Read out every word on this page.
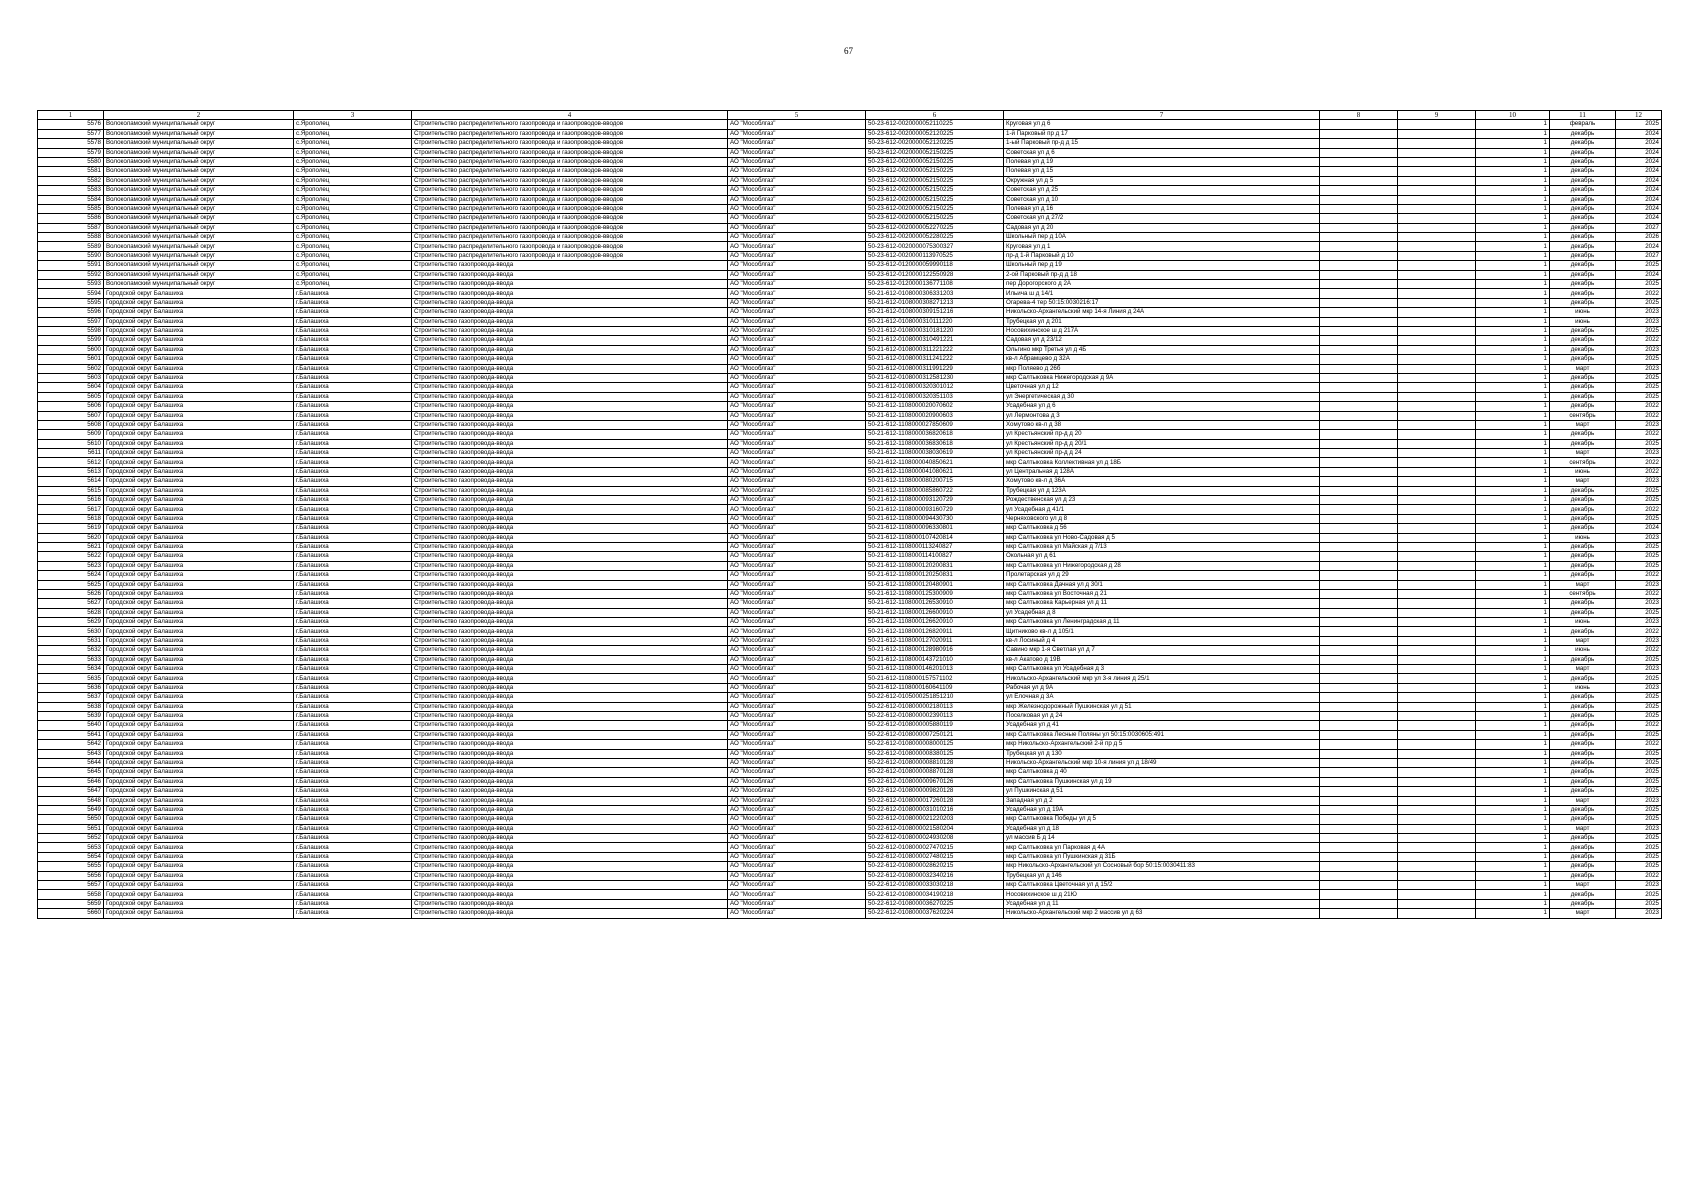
67
1	2	3	4	5	6	7	8	9	10	11	12
5576	Волоколамский муниципальный округ	с.Ярополец	Строительство распределительного газопровода и газопроводов-вводов	АО "Мособлгаз"	50-23-612-0020000052110225	Круговая ул д 6			1	февраль	2025
5577	Волоколамский муниципальный округ	с.Ярополец	Строительство распределительного газопровода и газопроводов-вводов	АО "Мособлгаз"	50-23-612-0020000052120225	1-й Парковый пр д 17			1	декабрь	2024
5578	Волоколамский муниципальный округ	с.Ярополец	Строительство распределительного газопровода и газопроводов-вводов	АО "Мособлгаз"	50-23-612-0020000052120225	1-ый Парковый пр-д д 15			1	декабрь	2024
5579	Волоколамский муниципальный округ	с.Ярополец	Строительство распределительного газопровода и газопроводов-вводов	АО "Мособлгаз"	50-23-612-0020000052150225	Советская ул д 6			1	декабрь	2024
5580	Волоколамский муниципальный округ	с.Ярополец	Строительство распределительного газопровода и газопроводов-вводов	АО "Мособлгаз"	50-23-612-0020000052150225	Полевая ул д 19			1	декабрь	2024
5581	Волоколамский муниципальный округ	с.Ярополец	Строительство распределительного газопровода и газопроводов-вводов	АО "Мособлгаз"	50-23-612-0020000052150225	Полевая ул д 15			1	декабрь	2024
5582	Волоколамский муниципальный округ	с.Ярополец	Строительство распределительного газопровода и газопроводов-вводов	АО "Мособлгаз"	50-23-612-0020000052150225	Окружная ул д 5			1	декабрь	2024
5583	Волоколамский муниципальный округ	с.Ярополец	Строительство распределительного газопровода и газопроводов-вводов	АО "Мособлгаз"	50-23-612-0020000052150225	Советская ул д 25			1	декабрь	2024
5584	Волоколамский муниципальный округ	с.Ярополец	Строительство распределительного газопровода и газопроводов-вводов	АО "Мособлгаз"	50-23-612-0020000052150225	Советская ул д 10			1	декабрь	2024
5585	Волоколамский муниципальный округ	с.Ярополец	Строительство распределительного газопровода и газопроводов-вводов	АО "Мособлгаз"	50-23-612-0020000052150225	Полевая ул д 16			1	декабрь	2024
5586	Волоколамский муниципальный округ	с.Ярополец	Строительство распределительного газопровода и газопроводов-вводов	АО "Мособлгаз"	50-23-612-0020000052150225	Советская ул д 27/2			1	декабрь	2024
5587	Волоколамский муниципальный округ	с.Ярополец	Строительство распределительного газопровода и газопроводов-вводов	АО "Мособлгаз"	50-23-612-0020000052270225	Садовая ул д 20			1	декабрь	2027
5588	Волоколамский муниципальный округ	с.Ярополец	Строительство распределительного газопровода и газопроводов-вводов	АО "Мособлгаз"	50-23-612-0020000052280225	Школьный пер д 10А			1	декабрь	2026
5589	Волоколамский муниципальный округ	с.Ярополец	Строительство распределительного газопровода и газопроводов-вводов	АО "Мособлгаз"	50-23-612-0020000075300327	Круговая ул д 1			1	декабрь	2024
5590	Волоколамский муниципальный округ	с.Ярополец	Строительство распределительного газопровода и газопроводов-вводов	АО "Мособлгаз"	50-23-612-0020000113970525	пр-д 1-й Парковый д 10			1	декабрь	2027
5591	Волоколамский муниципальный округ	с.Ярополец	Строительство газопровода-ввода	АО "Мособлгаз"	50-23-612-0120000059990118	Школьный пер д 19			1	декабрь	2025
5592	Волоколамский муниципальный округ	с.Ярополец	Строительство газопровода-ввода	АО "Мособлгаз"	50-23-612-0120000122550928	2-ой Парковый пр-д д 18			1	декабрь	2024
5593	Волоколамский муниципальный округ	с.Ярополец	Строительство газопровода-ввода	АО "Мособлгаз"	50-23-612-0120000136771108	пер Дорогорского д 2А			1	декабрь	2025
5594	Городской округ Балашиха	г.Балашиха	Строительство газопровода-ввода	АО "Мособлгаз"	50-21-612-0108000306331203	Ильича ш д 14/1			1	декабрь	2022
5595	Городской округ Балашиха	г.Балашиха	Строительство газопровода-ввода	АО "Мособлгаз"	50-21-612-0108000308271213	Огарева-4 тер 50:15:0030216:17			1	декабрь	2025
5596	Городской округ Балашиха	г.Балашиха	Строительство газопровода-ввода	АО "Мособлгаз"	50-21-612-0108000309151216	Никольско-Архангельский мкр 14-я Линия д 24А			1	июнь	2023
5597	Городской округ Балашиха	г.Балашиха	Строительство газопровода-ввода	АО "Мособлгаз"	50-21-612-0108000310111220	Трубецкая ул д 201			1	июнь	2023
5598	Городской округ Балашиха	г.Балашиха	Строительство газопровода-ввода	АО "Мособлгаз"	50-21-612-0108000310181220	Носовихинское ш д 217А			1	декабрь	2025
5599	Городской округ Балашиха	г.Балашиха	Строительство газопровода-ввода	АО "Мособлгаз"	50-21-612-0108000310491221	Садовая ул д 23/12			1	декабрь	2022
5600	Городской округ Балашиха	г.Балашиха	Строительство газопровода-ввода	АО "Мособлгаз"	50-21-612-0108000311221222	Ольгино мкр Третья ул д 4Б			1	декабрь	2023
5601	Городской округ Балашиха	г.Балашиха	Строительство газопровода-ввода	АО "Мособлгаз"	50-21-612-0108000311241222	кв-л Абрамцево д 32А			1	декабрь	2025
5602	Городской округ Балашиха	г.Балашиха	Строительство газопровода-ввода	АО "Мособлгаз"	50-21-612-0108000311991229	мкр Поляево д 26б			1	март	2023
5603	Городской округ Балашиха	г.Балашиха	Строительство газопровода-ввода	АО "Мособлгаз"	50-21-612-0108000312581230	мкр Салтыковка Нижегородская д 9А			1	декабрь	2025
5604	Городской округ Балашиха	г.Балашиха	Строительство газопровода-ввода	АО "Мособлгаз"	50-21-612-0108000320301012	Цветочная ул д 12			1	декабрь	2025
5605	Городской округ Балашиха	г.Балашиха	Строительство газопровода-ввода	АО "Мособлгаз"	50-21-612-0108000320351103	ул Энергетическая д 30			1	декабрь	2025
5606	Городской округ Балашиха	г.Балашиха	Строительство газопровода-ввода	АО "Мособлгаз"	50-21-612-1108000020070602	Усадебная ул д 6			1	декабрь	2022
5607	Городской округ Балашиха	г.Балашиха	Строительство газопровода-ввода	АО "Мособлгаз"	50-21-612-1108000020900603	ул Лермонтова д 3			1	сентябрь	2022
5608	Городской округ Балашиха	г.Балашиха	Строительство газопровода-ввода	АО "Мособлгаз"	50-21-612-1108000027850609	Хомутово кв-л д 38			1	март	2023
5609	Городской округ Балашиха	г.Балашиха	Строительство газопровода-ввода	АО "Мособлгаз"	50-21-612-1108000036820618	ул Крестьянский пр-д д 20			1	декабрь	2022
5610	Городской округ Балашиха	г.Балашиха	Строительство газопровода-ввода	АО "Мособлгаз"	50-21-612-1108000036830618	ул Крестьянский пр-д д 20/1			1	декабрь	2025
5611	Городской округ Балашиха	г.Балашиха	Строительство газопровода-ввода	АО "Мособлгаз"	50-21-612-1108000038030619	ул Крестьянский пр-д д 24			1	март	2023
5612	Городской округ Балашиха	г.Балашиха	Строительство газопровода-ввода	АО "Мособлгаз"	50-21-612-1108000040850621	мкр Салтыковка Коллективная ул д 18Б			1	сентябрь	2022
5613	Городской округ Балашиха	г.Балашиха	Строительство газопровода-ввода	АО "Мособлгаз"	50-21-612-1108000041080621	ул Центральная д 128А			1	июнь	2022
5614	Городской округ Балашиха	г.Балашиха	Строительство газопровода-ввода	АО "Мособлгаз"	50-21-612-1108000080200715	Хомутово кв-л д 36А			1	март	2023
5615	Городской округ Балашиха	г.Балашиха	Строительство газопровода-ввода	АО "Мособлгаз"	50-21-612-1108000085860722	Трубецкая ул д 123А			1	декабрь	2025
5616	Городской округ Балашиха	г.Балашиха	Строительство газопровода-ввода	АО "Мособлгаз"	50-21-612-1108000093120729	Рождественская ул д 23			1	декабрь	2025
5617	Городской округ Балашиха	г.Балашиха	Строительство газопровода-ввода	АО "Мособлгаз"	50-21-612-1108000093160729	ул Усадебная д 41/1			1	декабрь	2022
5618	Городской округ Балашиха	г.Балашиха	Строительство газопровода-ввода	АО "Мособлгаз"	50-21-612-1108000094430730	Черняховского ул д 8			1	декабрь	2025
5619	Городской округ Балашиха	г.Балашиха	Строительство газопровода-ввода	АО "Мособлгаз"	50-21-612-1108000096330801	мкр Салтыковка д 56			1	декабрь	2024
5620	Городской округ Балашиха	г.Балашиха	Строительство газопровода-ввода	АО "Мособлгаз"	50-21-612-1108000107420814	мкр Салтыковка ул Ново-Садовая д 5			1	июнь	2023
5621	Городской округ Балашиха	г.Балашиха	Строительство газопровода-ввода	АО "Мособлгаз"	50-21-612-1108000113240827	мкр Салтыковка ул Майская д 7/13			1	декабрь	2025
5622	Городской округ Балашиха	г.Балашиха	Строительство газопровода-ввода	АО "Мособлгаз"	50-21-612-1108000114100827	Окольная ул д 61			1	декабрь	2025
5623	Городской округ Балашиха	г.Балашиха	Строительство газопровода-ввода	АО "Мособлгаз"	50-21-612-1108000120200831	мкр Салтыковка ул Нижегородская д 28			1	декабрь	2025
5624	Городской округ Балашиха	г.Балашиха	Строительство газопровода-ввода	АО "Мособлгаз"	50-21-612-1108000120250831	Пролетарская ул д 29			1	декабрь	2022
5625	Городской округ Балашиха	г.Балашиха	Строительство газопровода-ввода	АО "Мособлгаз"	50-21-612-1108000120480901	мкр Салтыковка Дачная ул д 30/1			1	март	2023
5626	Городской округ Балашиха	г.Балашиха	Строительство газопровода-ввода	АО "Мособлгаз"	50-21-612-1108000125300909	мкр Салтыковка ул Восточная д 21			1	сентябрь	2022
5627	Городской округ Балашиха	г.Балашиха	Строительство газопровода-ввода	АО "Мособлгаз"	50-21-612-1108000126530910	мкр Салтыковка Карьерная ул д 11			1	декабрь	2023
5628	Городской округ Балашиха	г.Балашиха	Строительство газопровода-ввода	АО "Мособлгаз"	50-21-612-1108000126600910	ул Усадебная д 8			1	декабрь	2025
5629	Городской округ Балашиха	г.Балашиха	Строительство газопровода-ввода	АО "Мособлгаз"	50-21-612-1108000126620910	мкр Салтыковка ул Ленинградская д 11			1	июнь	2023
5630	Городской округ Балашиха	г.Балашиха	Строительство газопровода-ввода	АО "Мособлгаз"	50-21-612-1108000126820911	Щитниково кв-л д 105/1			1	декабрь	2022
5631	Городской округ Балашиха	г.Балашиха	Строительство газопровода-ввода	АО "Мособлгаз"	50-21-612-1108000127020911	кв-л Лосиный д 4			1	март	2023
5632	Городской округ Балашиха	г.Балашиха	Строительство газопровода-ввода	АО "Мособлгаз"	50-21-612-1108000128980916	Савино мкр 1-я Светлая ул д 7			1	июнь	2022
5633	Городской округ Балашиха	г.Балашиха	Строительство газопровода-ввода	АО "Мособлгаз"	50-21-612-1108000143721010	кв-л Акатово д 19В			1	декабрь	2025
5634	Городской округ Балашиха	г.Балашиха	Строительство газопровода-ввода	АО "Мособлгаз"	50-21-612-1108000146201013	мкр Салтыковка ул Усадебная д 3			1	март	2023
5635	Городской округ Балашиха	г.Балашиха	Строительство газопровода-ввода	АО "Мособлгаз"	50-21-612-1108000157571102	Никольско-Архангельский мкр ул 3-я линия д 25/1			1	декабрь	2025
5636	Городской округ Балашиха	г.Балашиха	Строительство газопровода-ввода	АО "Мособлгаз"	50-21-612-1108000160641109	Рабочая ул д 9А			1	июнь	2023
5637	Городской округ Балашиха	г.Балашиха	Строительство газопровода-ввода	АО "Мособлгаз"	50-22-612-0105000251851210	ул Елочная д 3А			1	декабрь	2025
5638	Городской округ Балашиха	г.Балашиха	Строительство газопровода-ввода	АО "Мособлгаз"	50-22-612-0108000002180113	мкр Железнодорожный Пушкинская ул д 51			1	декабрь	2025
5639	Городской округ Балашиха	г.Балашиха	Строительство газопровода-ввода	АО "Мособлгаз"	50-22-612-0108000002390113	Поселковая ул д 24			1	декабрь	2025
5640	Городской округ Балашиха	г.Балашиха	Строительство газопровода-ввода	АО "Мособлгаз"	50-22-612-0108000005880119	Усадебная ул д 41			1	декабрь	2022
5641	Городской округ Балашиха	г.Балашиха	Строительство газопровода-ввода	АО "Мособлгаз"	50-22-612-0108000007250121	мкр Салтыковка Лесные Поляны ул 50:15:0030605:491			1	декабрь	2025
5642	Городской округ Балашиха	г.Балашиха	Строительство газопровода-ввода	АО "Мособлгаз"	50-22-612-0108000008000125	мкр Никольско-Архангельский 2-й пр д 5			1	декабрь	2022
5643	Городской округ Балашиха	г.Балашиха	Строительство газопровода-ввода	АО "Мособлгаз"	50-22-612-0108000008380125	Трубецкая ул д 130			1	декабрь	2025
5644	Городской округ Балашиха	г.Балашиха	Строительство газопровода-ввода	АО "Мособлгаз"	50-22-612-0108000008810128	Никольско-Архангельский мкр 10-я линия ул д 18/49			1	декабрь	2025
5645	Городской округ Балашиха	г.Балашиха	Строительство газопровода-ввода	АО "Мособлгаз"	50-22-612-0108000008870128	мкр Салтыковка д 40			1	декабрь	2025
5646	Городской округ Балашиха	г.Балашиха	Строительство газопровода-ввода	АО "Мособлгаз"	50-22-612-0108000009670126	мкр Салтыковка Пушкинская ул д 19			1	декабрь	2025
5647	Городской округ Балашиха	г.Балашиха	Строительство газопровода-ввода	АО "Мособлгаз"	50-22-612-0108000009820128	ул Пушкинская д 51			1	декабрь	2025
5648	Городской округ Балашиха	г.Балашиха	Строительство газопровода-ввода	АО "Мособлгаз"	50-22-612-0108000017260128	Западная ул д 2			1	март	2023
5649	Городской округ Балашиха	г.Балашиха	Строительство газопровода-ввода	АО "Мособлгаз"	50-22-612-0108000031010216	Усадебная ул д 19А			1	декабрь	2025
5650	Городской округ Балашиха	г.Балашиха	Строительство газопровода-ввода	АО "Мособлгаз"	50-22-612-0108000021220203	мкр Салтыковка Победы ул д 5			1	декабрь	2025
5651	Городской округ Балашиха	г.Балашиха	Строительство газопровода-ввода	АО "Мособлгаз"	50-22-612-0108000021580204	Усадебная ул д 18			1	март	2023
5652	Городской округ Балашиха	г.Балашиха	Строительство газопровода-ввода	АО "Мособлгаз"	50-22-612-0108000024930208	ул массив Б д 14			1	декабрь	2025
5653	Городской округ Балашиха	г.Балашиха	Строительство газопровода-ввода	АО "Мособлгаз"	50-22-612-0108000027470215	мкр Салтыковка ул Парковая д 4А			1	декабрь	2025
5654	Городской округ Балашиха	г.Балашиха	Строительство газопровода-ввода	АО "Мособлгаз"	50-22-612-0108000027480215	мкр Салтыковка ул Пушкинская д 31Б			1	декабрь	2025
5655	Городской округ Балашиха	г.Балашиха	Строительство газопровода-ввода	АО "Мособлгаз"	50-22-612-0108000028620215	мкр Никольско-Архангельский ул Сосновый бор 50:15:0030411:83			1	декабрь	2025
5656	Городской округ Балашиха	г.Балашиха	Строительство газопровода-ввода	АО "Мособлгаз"	50-22-612-0108000032340216	Трубецкая ул д 146			1	декабрь	2022
5657	Городской округ Балашиха	г.Балашиха	Строительство газопровода-ввода	АО "Мособлгаз"	50-22-612-0108000033030218	мкр Салтыковка Цветочная ул д 15/2			1	март	2023
5658	Городской округ Балашиха	г.Балашиха	Строительство газопровода-ввода	АО "Мособлгаз"	50-22-612-0108000034190218	Носовихинское ш д 21Ю			1	декабрь	2025
5659	Городской округ Балашиха	г.Балашиха	Строительство газопровода-ввода	АО "Мособлгаз"	50-22-612-0108000036270225	Усадебная ул д 11			1	декабрь	2025
5660	Городской округ Балашиха	г.Балашиха	Строительство газопровода-ввода	АО "Мособлгаз"	50-22-612-0108000037620224	Никольско-Архангельский мкр 2 массив ул д 63			1	март	2023
